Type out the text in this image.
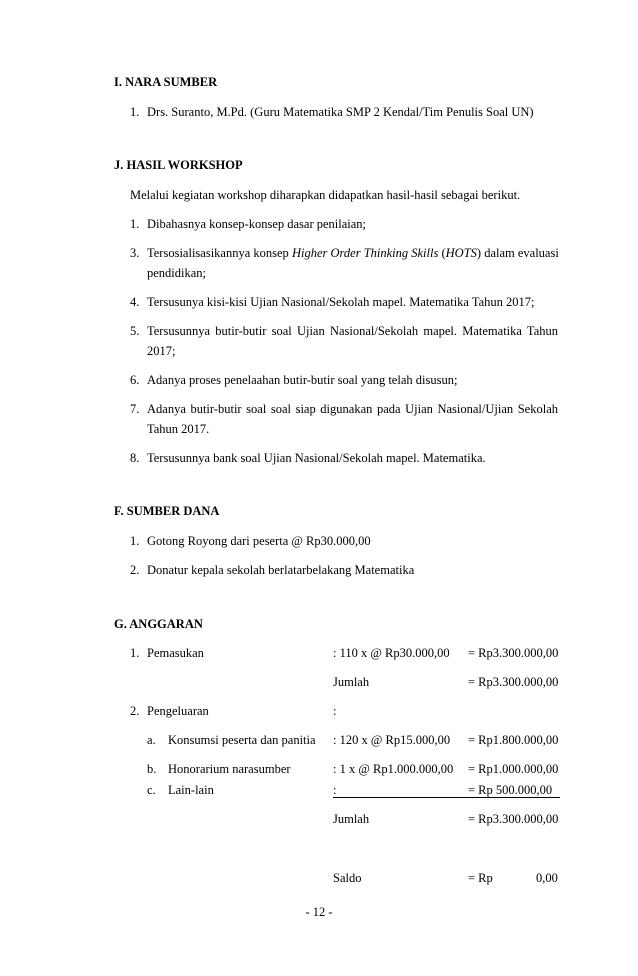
I. NARA SUMBER
1. Drs. Suranto, M.Pd. (Guru Matematika SMP 2 Kendal/Tim Penulis Soal UN)
J. HASIL WORKSHOP
Melalui kegiatan workshop diharapkan didapatkan hasil-hasil sebagai berikut.
1. Dibahasnya konsep-konsep dasar penilaian;
3. Tersosialisasikannya konsep Higher Order Thinking Skills (HOTS) dalam evaluasi
pendidikan;
4. Tersusunya kisi-kisi Ujian Nasional/Sekolah mapel. Matematika Tahun 2017;
5. Tersusunnya butir-butir soal Ujian Nasional/Sekolah mapel. Matematika Tahun
2017;
6. Adanya proses penelaahan butir-butir soal yang telah disusun;
7. Adanya butir-butir soal soal siap digunakan pada Ujian Nasional/Ujian Sekolah
Tahun 2017.
8. Tersusunnya bank soal Ujian Nasional/Sekolah mapel. Matematika.
F. SUMBER DANA
1. Gotong Royong dari peserta @ Rp30.000,00
2. Donatur kepala sekolah berlatarbelakang Matematika
G. ANGGARAN
1. Pemasukan	: 110 x @ Rp30.000,00 = Rp3.300.000,00
Jumlah	= Rp3.300.000,00
2. Pengeluaran	:
a. Konsumsi peserta dan panitia : 120 x @ Rp15.000,00 = Rp1.800.000,00
b. Honorarium narasumber	: 1 x @ Rp1.000.000,00 = Rp1.000.000,00
c. Lain-lain	:	= Rp 500.000,00
Jumlah	= Rp3.300.000,00
Saldo	= Rp	0,00
- 12 -
